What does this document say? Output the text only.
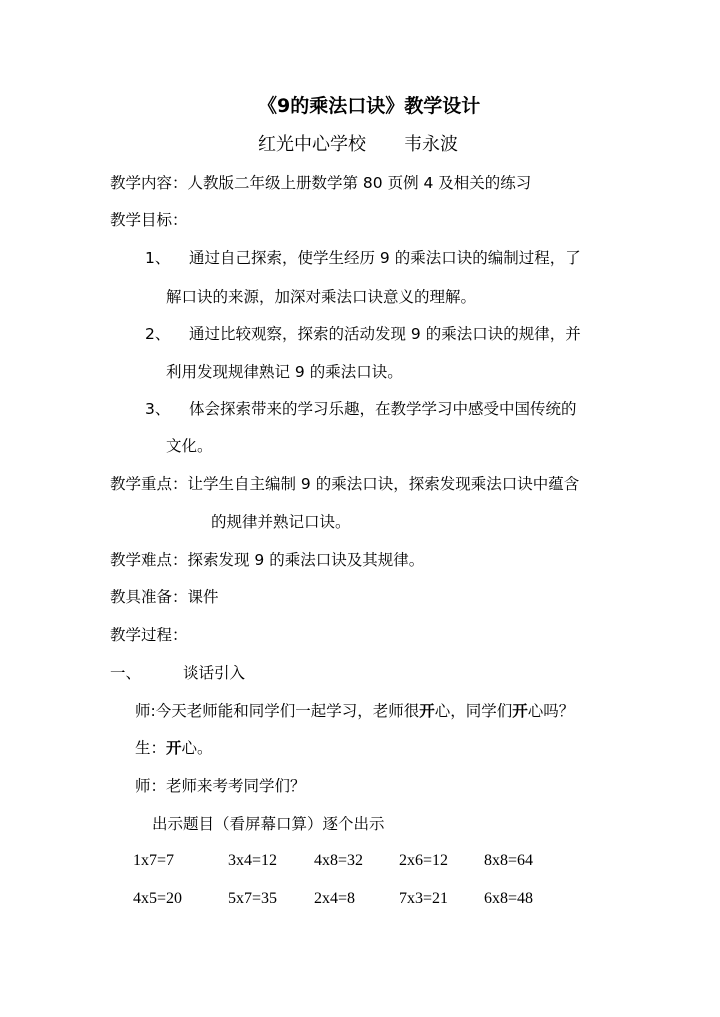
《9的乘法口诀》教学设计
红光中心学校 韦永波
教学内容：人教版二年级上册数学第 80 页例 4 及相关的练习
教学目标：
1、 通过自己探索，使学生经历 9 的乘法口诀的编制过程，了
解口诀的来源，加深对乘法口诀意义的理解。
2、 通过比较观察，探索的活动发现 9 的乘法口诀的规律，并
利用发现规律熟记 9 的乘法口诀。
3、 体会探索带来的学习乐趣，在教学学习中感受中国传统的
文化。
教学重点：让学生自主编制 9 的乘法口诀，探索发现乘法口诀中蕴含
的规律并熟记口诀。
教学难点：探索发现 9 的乘法口诀及其规律。
教具准备：课件
教学过程：
一、	谈话引入
师:今天老师能和同学们一起学习，老师很开心，同学们开心吗？
生：开心。
师：老师来考考同学们？
出示题目（看屏幕口算）逐个出示
1x7=7	3x4=12 4x8=32 2x6=12 8x8=64
4x5=20	5x7=35 2x4=8	7x3=21 6x8=48
